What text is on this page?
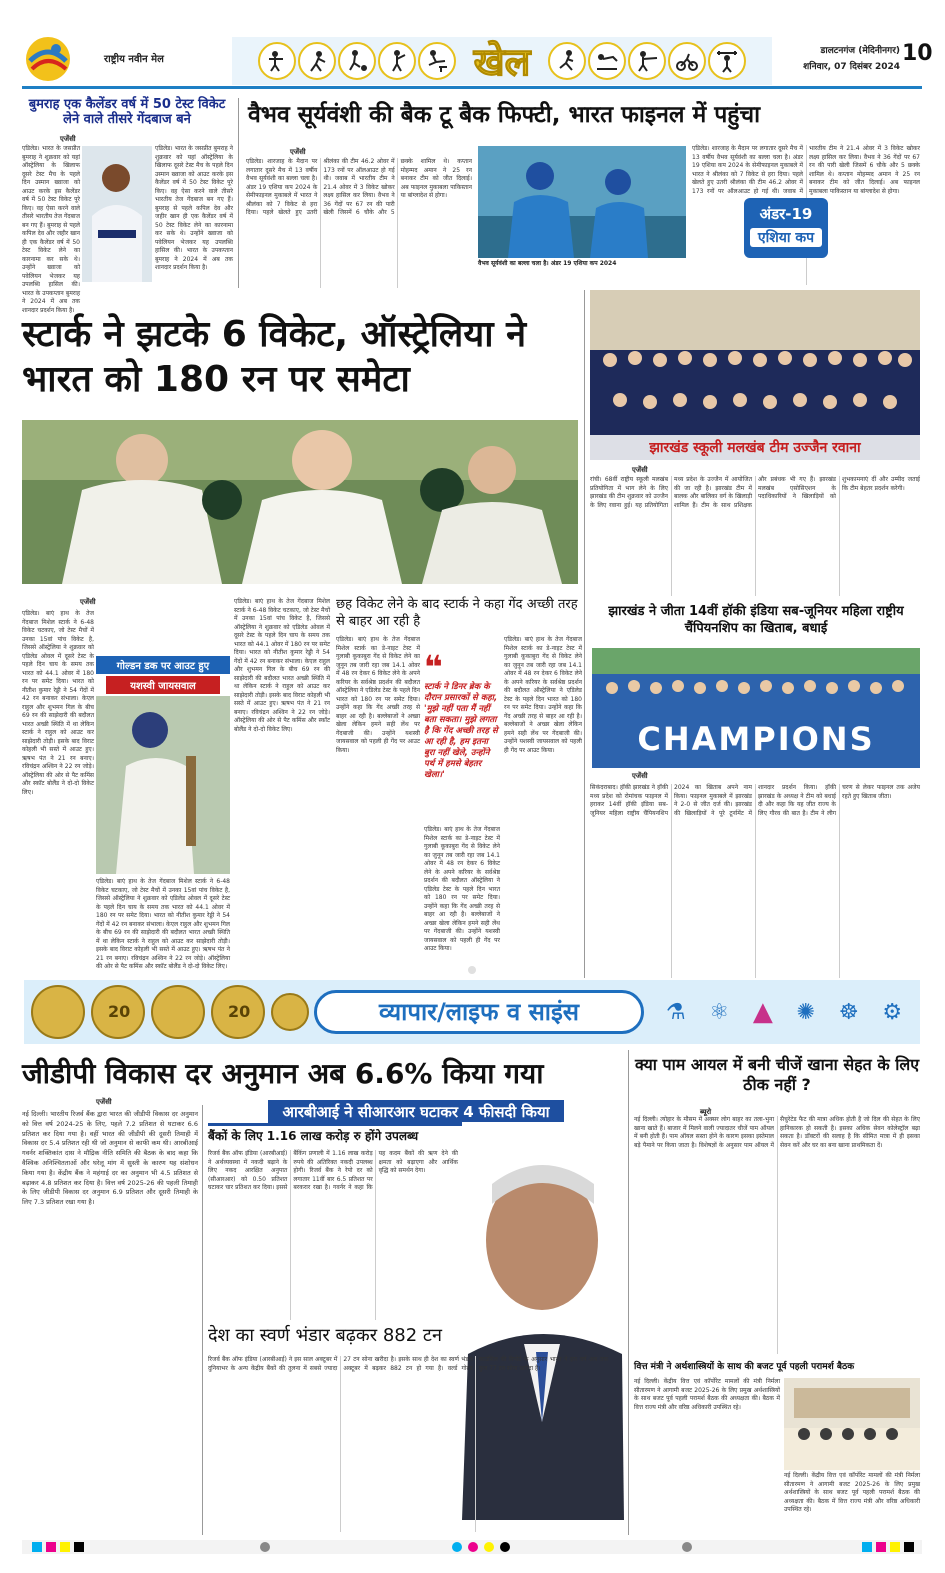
राष्ट्रीय नवीन मेल	खेल	डालटनगंज (मेदिनीनगर)
शनिवार, 07 दिसंबर 2024
10
बुमराह एक कैलेंडर वर्ष में 50 टेस्ट विकेट लेने वाले तीसरे गेंदबाज बने
एजेंसी
एडिलेड। भारत के जसप्रीत बुमराह ने शुक्रवार को यहां ऑस्ट्रेलिया के खिलाफ दूसरे टेस्ट मैच के पहले दिन उस्मान ख्वाजा को आउट करके इस कैलेंडर वर्ष में 50 टेस्ट विकेट पूरे किए। वह ऐसा करने वाले तीसरे भारतीय तेज गेंदबाज बन गए हैं। बुमराह से पहले कपिल देव और जहीर खान ही एक कैलेंडर वर्ष में 50 टेस्ट विकेट लेने का कारनामा कर सके थे। उन्होंने ख्वाजा को पवेलियन भेजकर यह उपलब्धि हासिल की। भारत के उपकप्तान बुमराह ने 2024 में अब तक शानदार प्रदर्शन किया है।
एडिलेड। भारत के जसप्रीत बुमराह ने शुक्रवार को यहां ऑस्ट्रेलिया के खिलाफ दूसरे टेस्ट मैच के पहले दिन उस्मान ख्वाजा को आउट करके इस कैलेंडर वर्ष में 50 टेस्ट विकेट पूरे किए। वह ऐसा करने वाले तीसरे भारतीय तेज गेंदबाज बन गए हैं। बुमराह से पहले कपिल देव और जहीर खान ही एक कैलेंडर वर्ष में 50 टेस्ट विकेट लेने का कारनामा कर सके थे। उन्होंने ख्वाजा को पवेलियन भेजकर यह उपलब्धि हासिल की। भारत के उपकप्तान बुमराह ने 2024 में अब तक शानदार प्रदर्शन किया है।
वैभव सूर्यवंशी की बैक टू बैक फिफ्टी, भारत फाइनल में पहुंचा
एजेंसी
एडिलेड। शारजाह के मैदान पर लगातार दूसरे मैच में 13 वर्षीय वैभव सूर्यवंशी का बल्ला चला है। अंडर 19 एशिया कप 2024 के सेमीफाइनल मुकाबले में भारत ने श्रीलंका को 7 विकेट से हरा दिया। पहले खेलते हुए उतरी श्रीलंका की टीम 46.2 ओवर में 173 रनों पर ऑलआउट हो गई थी। जवाब में भारतीय टीम ने 21.4 ओवर में 3 विकेट खोकर लक्ष्य हासिल कर लिया। वैभव ने 36 गेंदों पर 67 रन की पारी खेली जिसमें 6 चौके और 5 छक्के शामिल थे। कप्तान मोहम्मद अमान ने 25 रन बनाकर टीम को जीत दिलाई। अब फाइनल मुकाबला पाकिस्तान या बांग्लादेश से होगा।
वैभव सूर्यवंशी का बल्ला चला है। अंडर 19 एशिया कप 2024
एडिलेड। शारजाह के मैदान पर लगातार दूसरे मैच में 13 वर्षीय वैभव सूर्यवंशी का बल्ला चला है। अंडर 19 एशिया कप 2024 के सेमीफाइनल मुकाबले में भारत ने श्रीलंका को 7 विकेट से हरा दिया। पहले खेलते हुए उतरी श्रीलंका की टीम 46.2 ओवर में 173 रनों पर ऑलआउट हो गई थी। जवाब में भारतीय टीम ने 21.4 ओवर में 3 विकेट खोकर लक्ष्य हासिल कर लिया। वैभव ने 36 गेंदों पर 67 रन की पारी खेली जिसमें 6 चौके और 5 छक्के शामिल थे। कप्तान मोहम्मद अमान ने 25 रन बनाकर टीम को जीत दिलाई। अब फाइनल मुकाबला पाकिस्तान या बांग्लादेश से होगा।
अंडर-19
एशिया कप
स्टार्क ने झटके 6 विकेट, ऑस्ट्रेलिया ने भारत को 180 रन पर समेटा
एजेंसी
एडिलेड। बाएं हाथ के तेज गेंदबाज मिशेल स्टार्क ने 6-48 विकेट चटकाए, जो टेस्ट मैचों में उनका 15वां पांच विकेट है, जिससे ऑस्ट्रेलिया ने शुक्रवार को एडिलेड ओवल में दूसरे टेस्ट के पहले दिन चाय के समय तक भारत को 44.1 ओवर में 180 रन पर समेट दिया। भारत को नीतीश कुमार रेड्डी ने 54 गेंदों में 42 रन बनाकर संभाला। केएल राहुल और शुभमन गिल के बीच 69 रन की साझेदारी की बदौलत भारत अच्छी स्थिति में था लेकिन स्टार्क ने राहुल को आउट कर साझेदारी तोड़ी। इसके बाद विराट कोहली भी सस्ते में आउट हुए। ऋषभ पंत ने 21 रन बनाए। रविचंद्रन अश्विन ने 22 रन जोड़े। ऑस्ट्रेलिया की ओर से पैट कमिंस और स्कॉट बोलैंड ने दो-दो विकेट लिए।
गोल्डन डक पर आउट हुए
यशस्वी जायसवाल
एडिलेड। बाएं हाथ के तेज गेंदबाज मिशेल स्टार्क ने 6-48 विकेट चटकाए, जो टेस्ट मैचों में उनका 15वां पांच विकेट है, जिससे ऑस्ट्रेलिया ने शुक्रवार को एडिलेड ओवल में दूसरे टेस्ट के पहले दिन चाय के समय तक भारत को 44.1 ओवर में 180 रन पर समेट दिया। भारत को नीतीश कुमार रेड्डी ने 54 गेंदों में 42 रन बनाकर संभाला। केएल राहुल और शुभमन गिल के बीच 69 रन की साझेदारी की बदौलत भारत अच्छी स्थिति में था लेकिन स्टार्क ने राहुल को आउट कर साझेदारी तोड़ी। इसके बाद विराट कोहली भी सस्ते में आउट हुए। ऋषभ पंत ने 21 रन बनाए। रविचंद्रन अश्विन ने 22 रन जोड़े। ऑस्ट्रेलिया की ओर से पैट कमिंस और स्कॉट बोलैंड ने दो-दो विकेट लिए।
एडिलेड। बाएं हाथ के तेज गेंदबाज मिशेल स्टार्क ने 6-48 विकेट चटकाए, जो टेस्ट मैचों में उनका 15वां पांच विकेट है, जिससे ऑस्ट्रेलिया ने शुक्रवार को एडिलेड ओवल में दूसरे टेस्ट के पहले दिन चाय के समय तक भारत को 44.1 ओवर में 180 रन पर समेट दिया। भारत को नीतीश कुमार रेड्डी ने 54 गेंदों में 42 रन बनाकर संभाला। केएल राहुल और शुभमन गिल के बीच 69 रन की साझेदारी की बदौलत भारत अच्छी स्थिति में था लेकिन स्टार्क ने राहुल को आउट कर साझेदारी तोड़ी। इसके बाद विराट कोहली भी सस्ते में आउट हुए। ऋषभ पंत ने 21 रन बनाए। रविचंद्रन अश्विन ने 22 रन जोड़े। ऑस्ट्रेलिया की ओर से पैट कमिंस और स्कॉट बोलैंड ने दो-दो विकेट लिए।
छह विकेट लेने के बाद स्टार्क ने कहा गेंद अच्छी तरह से बाहर आ रही है
एडिलेड। बाएं हाथ के तेज गेंदबाज मिशेल स्टार्क का डे-नाइट टेस्ट में गुलाबी कूकाबुरा गेंद से विकेट लेने का जुनून तब जारी रहा जब 14.1 ओवर में 48 रन देकर 6 विकेट लेने के अपने करियर के सर्वश्रेष्ठ प्रदर्शन की बदौलत ऑस्ट्रेलिया ने एडिलेड टेस्ट के पहले दिन भारत को 180 रन पर समेट दिया। उन्होंने कहा कि गेंद अच्छी तरह से बाहर आ रही है। बल्लेबाजों ने अच्छा खेला लेकिन हमने सही लेंथ पर गेंदबाजी की। उन्होंने यशस्वी जायसवाल को पहली ही गेंद पर आउट किया।
❝
स्टार्क ने डिनर ब्रेक के दौरान प्रसारकों से कहा, 'मुझे नहीं पता मैं नहीं बता सकता। मुझे लगता है कि गेंद अच्छी तरह से आ रही है, हम इतना बुरा नहीं खेले, उन्होंने पर्थ में हमसे बेहतर खेला।'
एडिलेड। बाएं हाथ के तेज गेंदबाज मिशेल स्टार्क का डे-नाइट टेस्ट में गुलाबी कूकाबुरा गेंद से विकेट लेने का जुनून तब जारी रहा जब 14.1 ओवर में 48 रन देकर 6 विकेट लेने के अपने करियर के सर्वश्रेष्ठ प्रदर्शन की बदौलत ऑस्ट्रेलिया ने एडिलेड टेस्ट के पहले दिन भारत को 180 रन पर समेट दिया। उन्होंने कहा कि गेंद अच्छी तरह से बाहर आ रही है। बल्लेबाजों ने अच्छा खेला लेकिन हमने सही लेंथ पर गेंदबाजी की। उन्होंने यशस्वी जायसवाल को पहली ही गेंद पर आउट किया।
एडिलेड। बाएं हाथ के तेज गेंदबाज मिशेल स्टार्क का डे-नाइट टेस्ट में गुलाबी कूकाबुरा गेंद से विकेट लेने का जुनून तब जारी रहा जब 14.1 ओवर में 48 रन देकर 6 विकेट लेने के अपने करियर के सर्वश्रेष्ठ प्रदर्शन की बदौलत ऑस्ट्रेलिया ने एडिलेड टेस्ट के पहले दिन भारत को 180 रन पर समेट दिया। उन्होंने कहा कि गेंद अच्छी तरह से बाहर आ रही है। बल्लेबाजों ने अच्छा खेला लेकिन हमने सही लेंथ पर गेंदबाजी की। उन्होंने यशस्वी जायसवाल को पहली ही गेंद पर आउट किया।
झारखंड स्कूली मलखंब टीम उज्जैन रवाना
एजेंसी
रांची। 68वीं राष्ट्रीय स्कूली मलखंब प्रतियोगिता में भाग लेने के लिए झारखंड की टीम शुक्रवार को उज्जैन के लिए रवाना हुई। यह प्रतियोगिता मध्य प्रदेश के उज्जैन में आयोजित की जा रही है। झारखंड टीम में बालक और बालिका वर्ग के खिलाड़ी शामिल हैं। टीम के साथ प्रशिक्षक और प्रबंधक भी गए हैं। झारखंड मलखंब एसोसिएशन के पदाधिकारियों ने खिलाड़ियों को शुभकामनाएं दीं और उम्मीद जताई कि टीम बेहतर प्रदर्शन करेगी।
झारखंड ने जीता 14वीं हॉकी इंडिया सब-जूनियर महिला राष्ट्रीय चैंपियनशिप का खिताब, बधाई
CHAMPIONS
एजेंसी
सिकंदराबाद। हॉकी झारखंड ने हॉकी मध्य प्रदेश को रोमांचक फाइनल में हराकर 14वीं हॉकी इंडिया सब-जूनियर महिला राष्ट्रीय चैंपियनशिप 2024 का खिताब अपने नाम किया। फाइनल मुकाबले में झारखंड ने 2-0 से जीत दर्ज की। झारखंड की खिलाड़ियों ने पूरे टूर्नामेंट में शानदार प्रदर्शन किया। हॉकी झारखंड के अध्यक्ष ने टीम को बधाई दी और कहा कि यह जीत राज्य के लिए गौरव की बात है। टीम ने लीग चरण से लेकर फाइनल तक अजेय रहते हुए खिताब जीता।
20	20	व्यापार/लाइफ व साइंस	⚗ ⚛ ▲ ✺ ☸ ⚙
जीडीपी विकास दर अनुमान अब 6.6% किया गया
एजेंसी
नई दिल्ली। भारतीय रिजर्व बैंक द्वारा भारत की जीडीपी विकास दर अनुमान को वित्त वर्ष 2024-25 के लिए, पहले 7.2 प्रतिशत से घटाकर 6.6 प्रतिशत कर दिया गया है। वहीं भारत की जीडीपी की दूसरी तिमाही में विकास दर 5.4 प्रतिशत रही थी जो अनुमान से काफी कम थी। आरबीआई गवर्नर शक्तिकांत दास ने मौद्रिक नीति समिति की बैठक के बाद कहा कि वैश्विक अनिश्चितताओं और घरेलू मांग में सुस्ती के कारण यह संशोधन किया गया है। केंद्रीय बैंक ने महंगाई दर का अनुमान भी 4.5 प्रतिशत से बढ़ाकर 4.8 प्रतिशत कर दिया है। वित्त वर्ष 2025-26 की पहली तिमाही के लिए जीडीपी विकास दर अनुमान 6.9 प्रतिशत और दूसरी तिमाही के लिए 7.3 प्रतिशत रखा गया है।
आरबीआई ने सीआरआर घटाकर 4 फीसदी किया
बैंकों के लिए 1.16 लाख करोड़ रु होंगे उपलब्ध
रिजर्व बैंक ऑफ इंडिया (आरबीआई) ने अर्थव्यवस्था में नकदी बढ़ाने के लिए नकद आरक्षित अनुपात (सीआरआर) को 0.50 प्रतिशत घटाकर चार प्रतिशत कर दिया। इससे बैंकिंग प्रणाली में 1.16 लाख करोड़ रुपये की अतिरिक्त नकदी उपलब्ध होगी। रिजर्व बैंक ने रेपो दर को लगातार 11वीं बार 6.5 प्रतिशत पर बरकरार रखा है। गवर्नर ने कहा कि यह कदम बैंकों की ऋण देने की क्षमता को बढ़ाएगा और आर्थिक वृद्धि को समर्थन देगा।
देश का स्वर्ण भंडार बढ़कर 882 टन
रिजर्व बैंक ऑफ इंडिया (आरबीआई) ने इस साल अक्टूबर में दुनियाभर के अन्य केंद्रीय बैंकों की तुलना में सबसे ज्यादा 27 टन सोना खरीदा है। इसके साथ ही देश का स्वर्ण भंडार अक्टूबर में बढ़कर 882 टन हो गया है। वर्ल्ड गोल्ड काउंसिल की रिपोर्ट के अनुसार भारत ने इस वर्ष अब तक कुल 77 टन सोना खरीदा है।
क्या पाम आयल में बनी चीजें खाना सेहत के लिए ठीक नहीं ?
ब्यूरो
नई दिल्ली। त्योहार के मौसम में अक्सर लोग बाहर का तला-भुना खाना खाते हैं। बाजार में मिलने वाली ज्यादातर चीजें पाम ऑयल में बनी होती हैं। पाम ऑयल सस्ता होने के कारण इसका इस्तेमाल बड़े पैमाने पर किया जाता है। विशेषज्ञों के अनुसार पाम ऑयल में सैचुरेटेड फैट की मात्रा अधिक होती है जो दिल की सेहत के लिए हानिकारक हो सकती है। इसका अधिक सेवन कोलेस्ट्रॉल बढ़ा सकता है। डॉक्टरों की सलाह है कि सीमित मात्रा में ही इसका सेवन करें और घर का बना खाना प्राथमिकता दें।
वित्त मंत्री ने अर्थशास्त्रियों के साथ की बजट पूर्व पहली परामर्श बैठक
नई दिल्ली। केंद्रीय वित्त एवं कॉर्पोरेट मामलों की मंत्री निर्मला सीतारमण ने आगामी बजट 2025-26 के लिए प्रमुख अर्थशास्त्रियों के साथ बजट पूर्व पहली परामर्श बैठक की अध्यक्षता की। बैठक में वित्त राज्य मंत्री और वरिष्ठ अधिकारी उपस्थित रहे।
नई दिल्ली। केंद्रीय वित्त एवं कॉर्पोरेट मामलों की मंत्री निर्मला सीतारमण ने आगामी बजट 2025-26 के लिए प्रमुख अर्थशास्त्रियों के साथ बजट पूर्व पहली परामर्श बैठक की अध्यक्षता की। बैठक में वित्त राज्य मंत्री और वरिष्ठ अधिकारी उपस्थित रहे।
